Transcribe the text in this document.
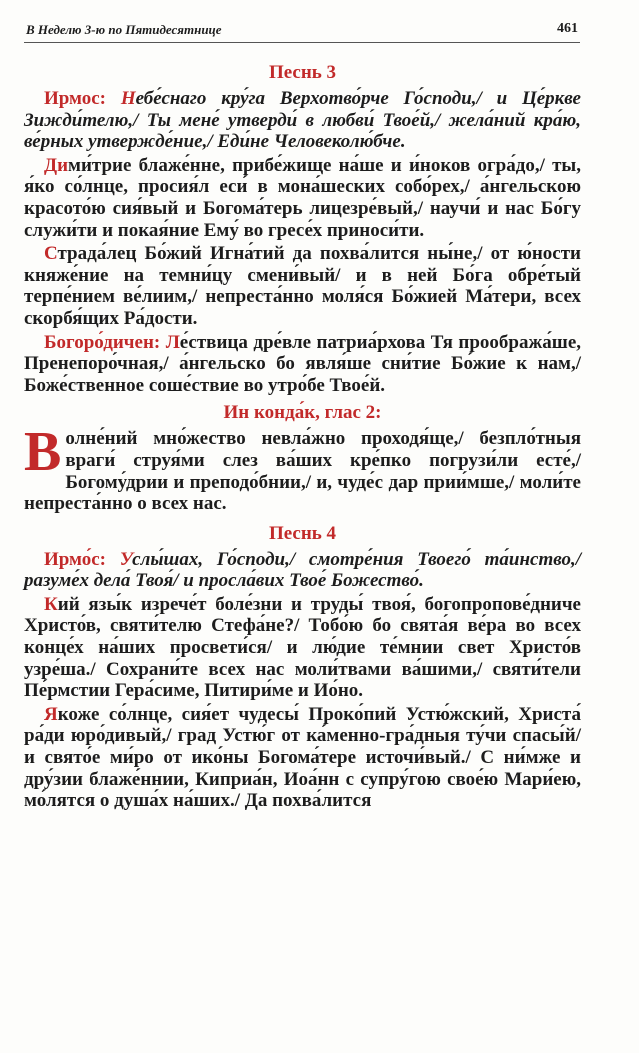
В Неделю 3-ю по Пятидесятнице	461
Песнь 3

Ирмос: Небе́снаго кру́га Верхотво́рче Го́споди,/ и Це́ркве Зижди́телю,/ Ты мене́ утверди́ в любви́ Твое́й,/ жела́ний кра́ю, ве́рных утвержде́ние,/ Еди́не Человеколю́бче.

Дими́трие блаже́нне, прибе́жище на́ше и и́ноков огра́до,/ ты, я́ко со́лнце, просия́л еси́ в мона́шеских собо́рех,/ а́нгельскою красото́ю сия́вый и Богома́терь лицезре́вый,/ научи́ и нас Бо́гу служи́ти и покая́ние Ему́ во гресе́х приноси́ти.

Страда́лец Бо́жий Игна́тий да похва́лится ны́не,/ от ю́ности княже́ние на темни́цу смени́вый/ и в ней Бо́га обре́тый терпе́нием ве́лиим,/ непреста́нно моля́ся Бо́жией Ма́тери, всех скорбя́щих Ра́дости.

Богоро́дичен: Ле́ствица дре́вле патриа́рхова Тя прообража́ше, Пренепоро́чная,/ а́нгельско бо явля́ше сни́тие Бо́жие к нам,/ Боже́ственное соше́ствие во утро́бе Твое́й.

Ин конда́к, глас 2:

Волне́ний мно́жество невла́жно проходя́ще,/ безпло́тныя враги́ струя́ми слез ва́ших кре́пко погрузи́ли есте́,/ Богому́дрии и преподо́бнии,/ и, чуде́с дар прии́мше,/ моли́те непреста́нно о всех нас.

Песнь 4

Ирмо́с: Услы́шах, Го́споди,/ смотре́ния Твоего́ та́инство,/ разуме́х дела́ Твоя́/ и просла́вих Твое́ Божество́.

Кий язы́к изрече́т боле́зни и труды́ твоя́, богопропове́дниче Христо́в, святи́телю Стефа́не?/ Тобо́ю бо свята́я ве́ра во всех конце́х на́ших просвети́ся/ и лю́дие те́мнии свет Христо́в узре́ша./ Сохрани́те всех нас моли́твами ва́шими,/ святи́тели Пе́рмстии Гера́симе, Питири́ме и Ио́но.

Якоже со́лнце, сия́ет чудесы́ Проко́пий Устю́жский, Христа́ ра́ди юро́дивый,/ град Устю́г от ка́менно-гра́дныя ту́чи спасы́й/ и свято́е ми́ро от ико́ны Богома́тере источи́вый./ С ни́мже и дру́зии блаже́ннии, Киприа́н, Иоа́нн с супру́гою свое́ю Мари́ею, мо́лятся о душа́х на́ших./ Да похва́лится
